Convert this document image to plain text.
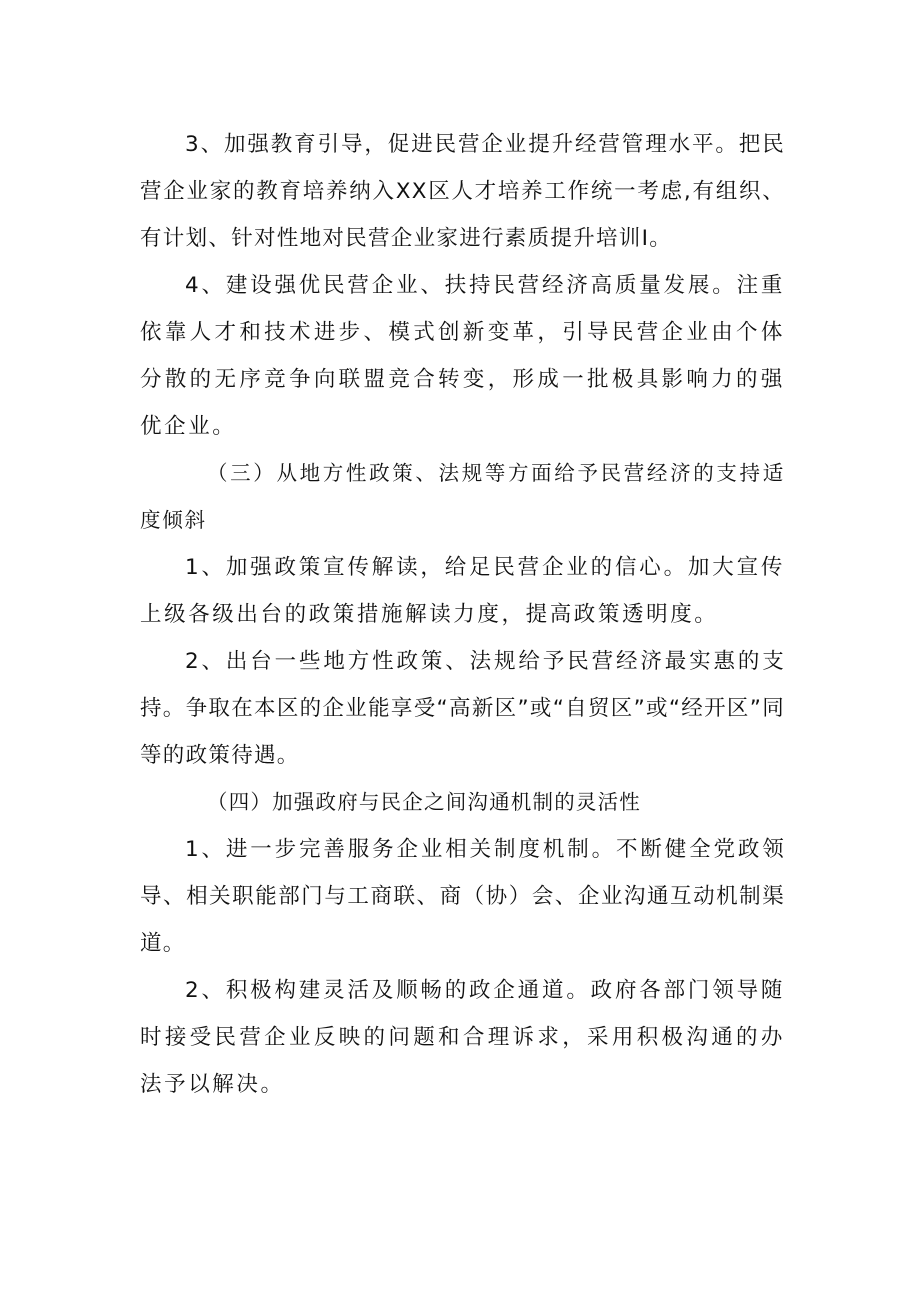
3、加强教育引导，促进民营企业提升经营管理水平。把民营企业家的教育培养纳入XX区人才培养工作统一考虑,有组织、有计划、针对性地对民营企业家进行素质提升培训I。

4、建设强优民营企业、扶持民营经济高质量发展。注重依靠人才和技术进步、模式创新变革，引导民营企业由个体分散的无序竞争向联盟竞合转变，形成一批极具影响力的强优企业。

（三）从地方性政策、法规等方面给予民营经济的支持适度倾斜

1、加强政策宣传解读，给足民营企业的信心。加大宣传上级各级出台的政策措施解读力度，提高政策透明度。

2、出台一些地方性政策、法规给予民营经济最实惠的支持。争取在本区的企业能享受“高新区”或“自贸区”或“经开区”同等的政策待遇。

（四）加强政府与民企之间沟通机制的灵活性

1、进一步完善服务企业相关制度机制。不断健全党政领导、相关职能部门与工商联、商（协）会、企业沟通互动机制渠道。

2、积极构建灵活及顺畅的政企通道。政府各部门领导随时接受民营企业反映的问题和合理诉求，采用积极沟通的办法予以解决。
